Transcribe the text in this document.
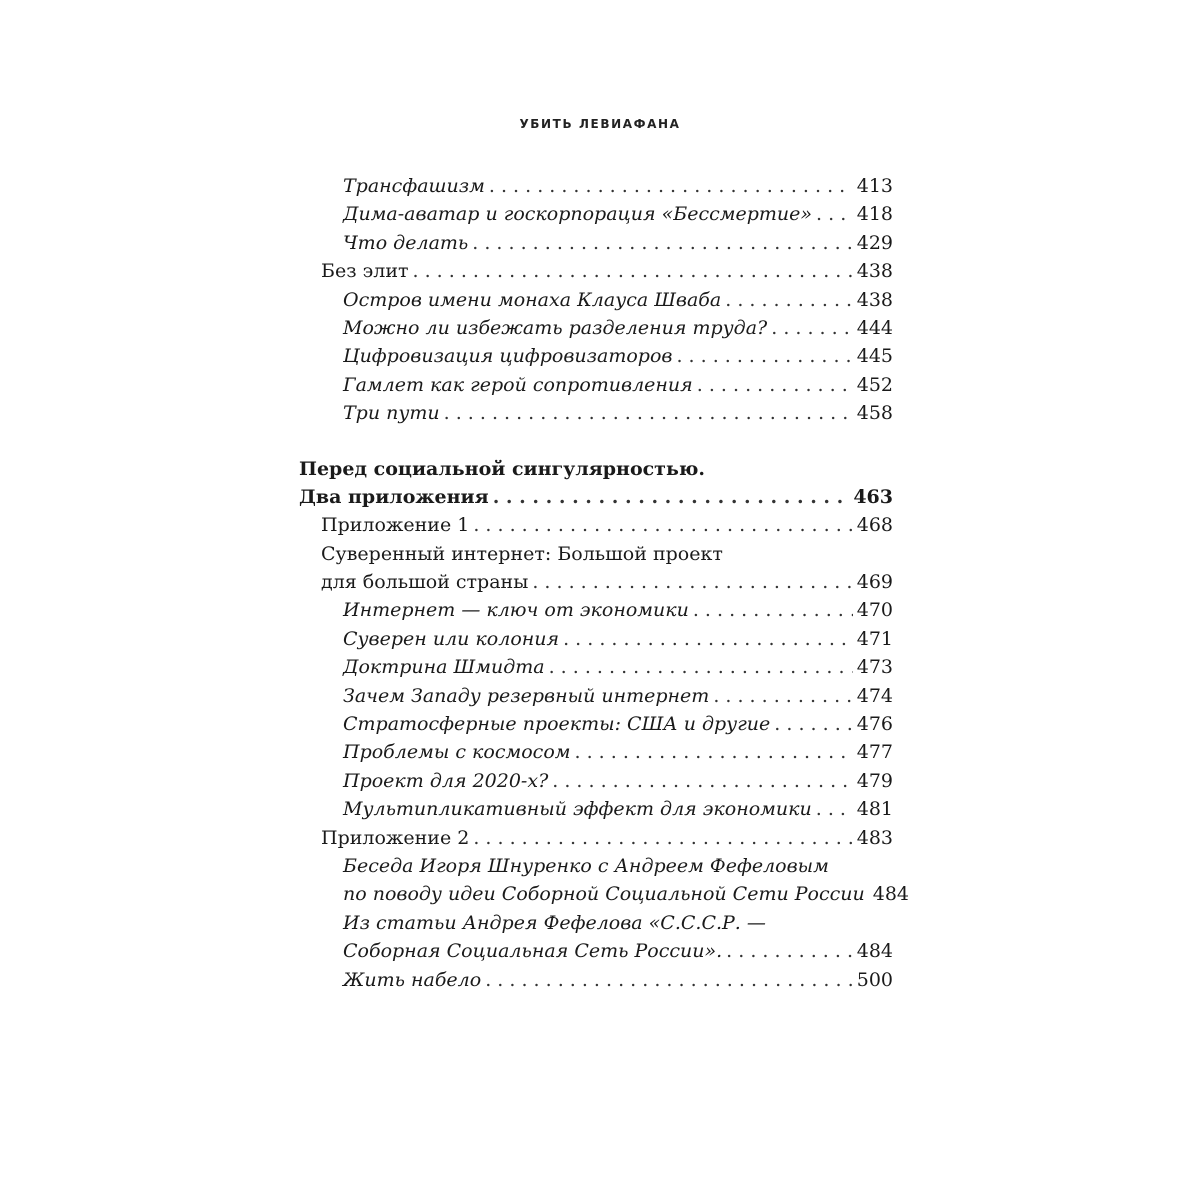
УБИТЬ ЛЕВИАФАНА
Трансфашизм . . .	413
Дима-аватар и госкорпорация «Бессмертие» . . . 418
Что делать . . .	429
Без элит . . .	438
Остров имени монаха Клауса Шваба . . .	438
Можно ли избежать разделения труда? . . .	444
Цифровизация цифровизаторов . . .	445
Гамлет как герой сопротивления . . .	452
Три пути . . .	458
Перед социальной сингулярностью.
Два приложения . . .	463
Приложение 1 . . .	468
Суверенный интернет: Большой проект
для большой страны . . .	469
Интернет — ключ от экономики . . .	470
Суверен или колония . . .	471
Доктрина Шмидта . . .	473
Зачем Западу резервный интернет . . .	474
Стратосферные проекты: США и другие . . .	476
Проблемы с космосом . . .	477
Проект для 2020-х? . . .	479
Мультипликативный эффект для экономики . . . 481
Приложение 2 . . .	483
Беседа Игоря Шнуренко с Андреем Фефеловым
по поводу идеи Соборной Социальной Сети России 484
Из статьи Андрея Фефелова «С.С.С.Р. —
Соборная Социальная Сеть России». . . .	484
Жить набело . . .	500
